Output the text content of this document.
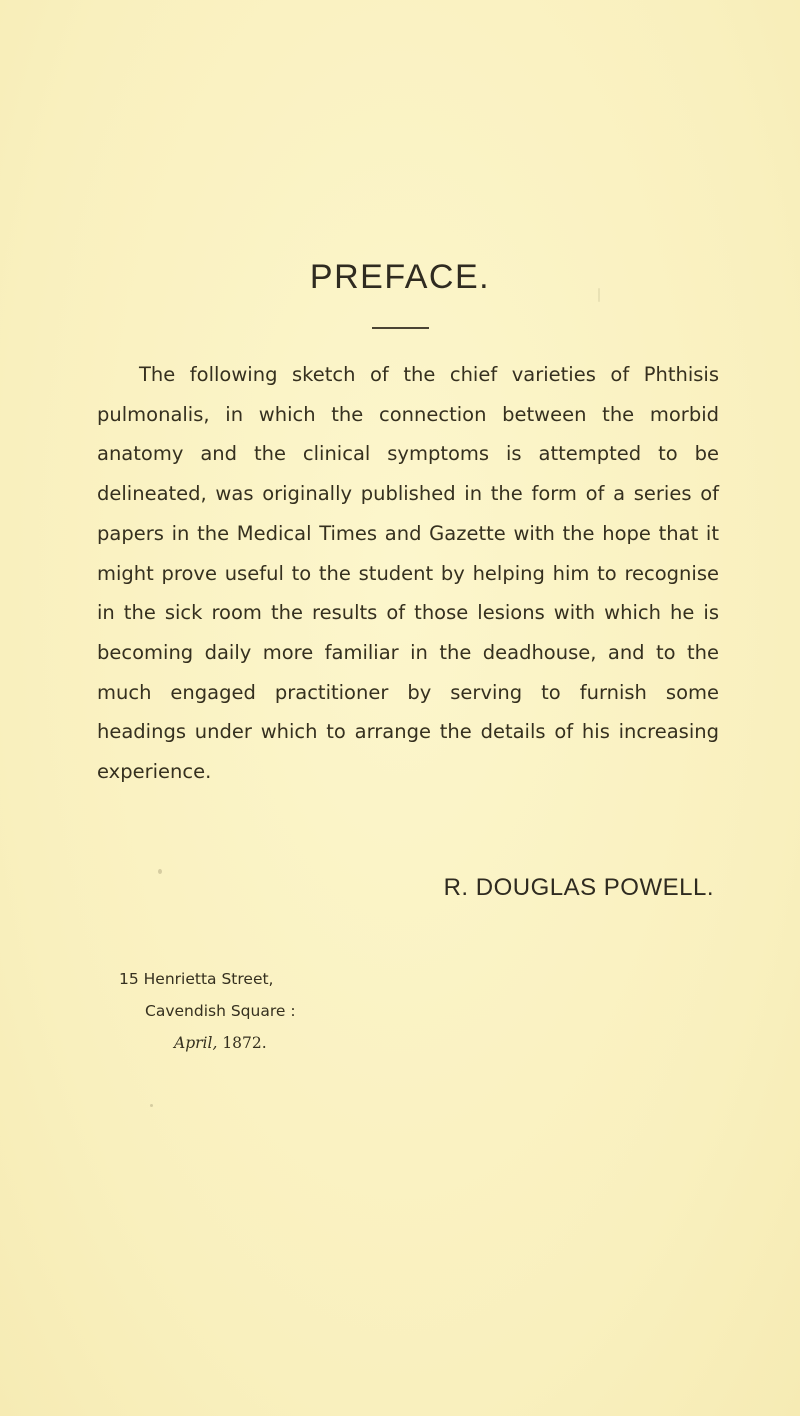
PREFACE.
The following sketch of the chief varieties of Phthisis pulmonalis, in which the connection between the morbid anatomy and the clinical symptoms is attempted to be delineated, was originally published in the form of a series of papers in the Medical Times and Gazette with the hope that it might prove useful to the student by helping him to recognise in the sick room the results of those lesions with which he is becoming daily more familiar in the deadhouse, and to the much engaged practitioner by serving to furnish some headings under which to arrange the details of his increasing experience.
R. DOUGLAS POWELL.
15 Henrietta Street,
Cavendish Square :
April, 1872.
